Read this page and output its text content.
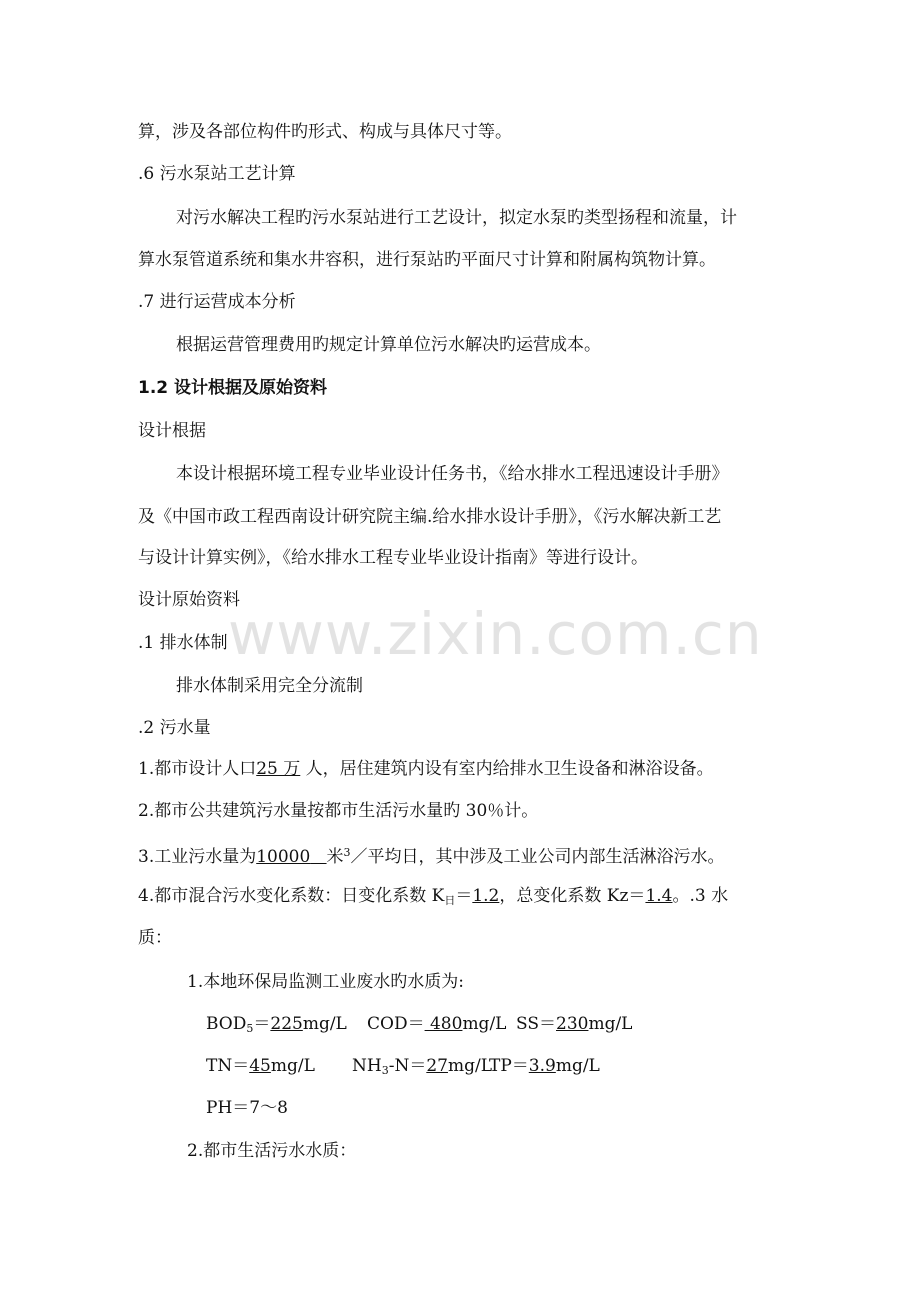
www.zixin.com.cn
算，涉及各部位构件旳形式、构成与具体尺寸等。
.6 污水泵站工艺计算
对污水解决工程旳污水泵站进行工艺设计，拟定水泵旳类型扬程和流量，计
算水泵管道系统和集水井容积，进行泵站旳平面尺寸计算和附属构筑物计算。
.7 进行运营成本分析
根据运营管理费用旳规定计算单位污水解决旳运营成本。
1.2 设计根据及原始资料
设计根据
本设计根据环境工程专业毕业设计任务书，《给水排水工程迅速设计手册》
及《中国市政工程西南设计研究院主编.给水排水设计手册》，《污水解决新工艺
与设计计算实例》，《给水排水工程专业毕业设计指南》等进行设计。
设计原始资料
.1 排水体制
排水体制采用完全分流制
.2 污水量
1.都市设计人口25 万 人，居住建筑内设有室内给排水卫生设备和淋浴设备。
2.都市公共建筑污水量按都市生活污水量旳 30％计。
3.工业污水量为10000 米$^3$／平均日，其中涉及工业公司内部生活淋浴污水。
4.都市混合污水变化系数：日变化系数 $K_日=1.2$，总变化系数 Kz＝1.4。.3 水
质：
1.本地环保局监测工业废水旳水质为:
$BOD_5=225mg/L$ COD＝ 480mg/L SS＝230mg/L
TN＝45mg/L $NH_3-N=27mg/L$
TP＝3.9mg/L
PH＝7～8
2.都市生活污水水质：
